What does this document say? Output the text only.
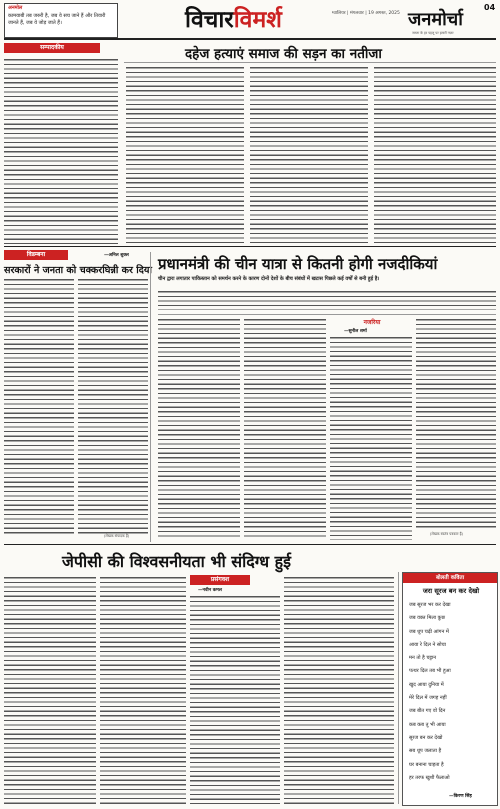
अनमोल
कामयाबी तब जरुरी है, जब वे सच जाने हैं और तिवारी जानते हैं, जब वे जोड़ जाते हैं।	विचारविमर्श	ग्वालियर | मंगलवार | 19 अगस्त, 2025 जनमोर्चा
04
जनता के हर पहलू पर हमारी नज़र
सम्पादकीय	दहेज हत्याएं समाज की सड़न का नतीजा
विडम्बना	—अनिल शुक्ल
सरकारों ने जनता को चक्करघिन्नी कर दिया
(लेखक संपादक हैं)
प्रधानमंत्री की चीन यात्रा से कितनी होगी नजदीकियां
चीन द्वारा लगातार पाकिस्तान को समर्थन करने के कारण दोनों देशों के बीच संबंधों में खटास पिछले कई वर्षों से बनी हुई है।
नजरिया
—सुनील शर्मा
(लेखक स्वतंत्र पत्रकार हैं)
जेपीसी की विश्वसनीयता भी संदिग्ध हुई
प्रसंगवश
—नवीन कमल
बोलती कविता
जरा सूरज बन कर देखो
जब सूरज भर कर देखा
जब वक्त मिला कुछ
जब धूप चढ़ी आंगन में
आया रे दिल ने सोचा
मन तो है चट्टान
पत्थर दिल तब भी हुआ
खुद आया दुनिया में
मेरे दिल में जगह नहीं
जब बीत गए वो दिन
कब कब तू भी आया
सूरज बन कर देखो
सब धूप जलाता है
घर बनाना चाहता है
हर तरफ खुशी फैलाओ
—किरण सिंह
